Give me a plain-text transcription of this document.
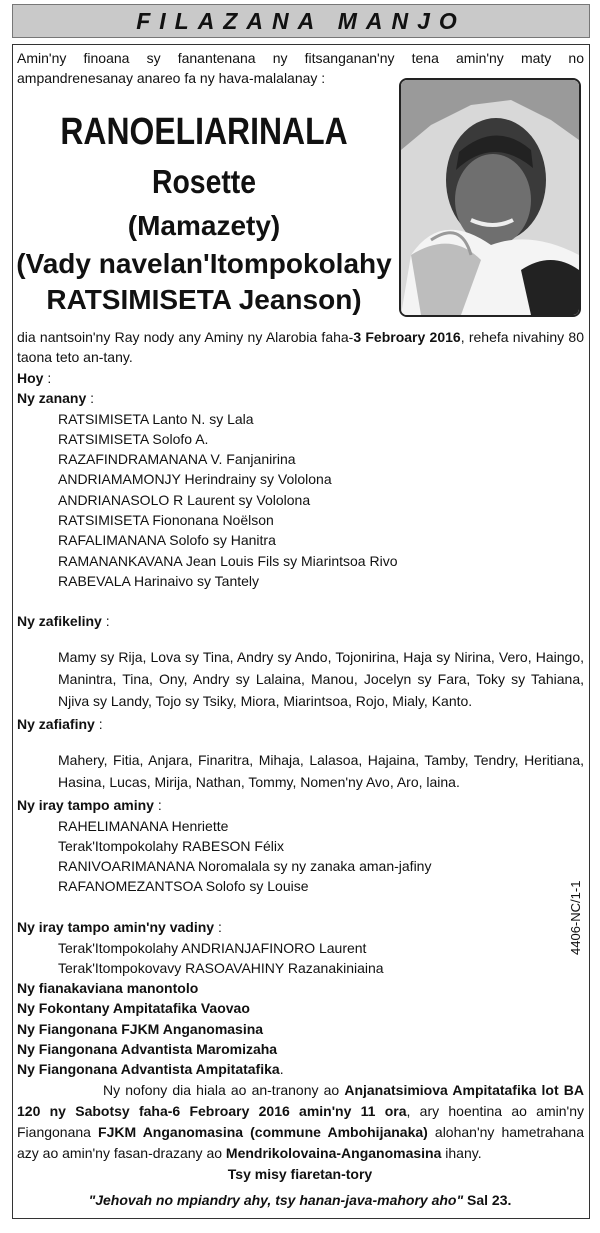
FILAZANA MANJO

Amin'ny finoana sy fanantenana ny fitsanganan'ny tena amin'ny maty no ampandrenesanay anareo fa ny hava-malalanay :

RANOELIARINALA
Rosette
(Mamazety)
(Vady navelan'Itompokolahy
RATSIMISETA Jeanson)

dia nantsoin'ny Ray nody any Aminy ny Alarobia faha-3 Febroary 2016, rehefa nivahiny 80 taona teto an-tany.

Hoy :
Ny zanany :
RATSIMISETA Lanto N. sy Lala
RATSIMISETA Solofo A.
RAZAFINDRAMANANA V. Fanjanirina
ANDRIAMAMONJY Herindrainy sy Vololona
ANDRIANASOLO R Laurent sy Vololona
RATSIMISETA Fiononana Noëlson
RAFALIMANANA Solofo sy Hanitra
RAMANANKAVANA Jean Louis Fils sy Miarintsoa Rivo
RABEVALA Harinaivo sy Tantely
Ny zafikeliny :

Mamy sy Rija, Lova sy Tina, Andry sy Ando, Tojonirina, Haja sy Nirina, Vero, Haingo, Manintra, Tina, Ony, Andry sy Lalaina, Manou, Jocelyn sy Fara, Toky sy Tahiana, Njiva sy Landy, Tojo sy Tsiky, Miora, Miarintsoa, Rojo, Mialy, Kanto.

Ny zafiafiny :

Mahery, Fitia, Anjara, Finaritra, Mihaja, Lalasoa, Hajaina, Tamby, Tendry, Heritiana, Hasina, Lucas, Mirija, Nathan, Tommy, Nomen'ny Avo, Aro, laina.

Ny iray tampo aminy :
RAHELIMANANA Henriette
Terak'Itompokolahy RABESON Félix
RANIVOARIMANANA Noromalala sy ny zanaka aman-jafiny
RAFANOMEZANTSOA Solofo sy Louise	4406-NC/1-1
Ny iray tampo amin'ny vadiny :
Terak'Itompokolahy ANDRIANJAFINORO Laurent
Terak'Itompokovavy RASOAVAHINY Razanakiniaina
Ny fianakaviana manontolo
Ny Fokontany Ampitatafika Vaovao
Ny Fiangonana FJKM Anganomasina
Ny Fiangonana Advantista Maromizaha
Ny Fiangonana Advantista Ampitatafika.

Ny nofony dia hiala ao an-tranony ao Anjanatsimiova Ampitatafika lot BA 120 ny Sabotsy faha-6 Febroary 2016 amin'ny 11 ora, ary hoentina ao amin'ny Fiangonana FJKM Anganomasina (commune Ambohijanaka) alohan'ny hametrahana azy ao amin'ny fasan-drazany ao Mendrikolovaina-Anganomasina ihany.

Tsy misy fiaretan-tory
"Jehovah no mpiandry ahy, tsy hanan-java-mahory aho" Sal 23.
